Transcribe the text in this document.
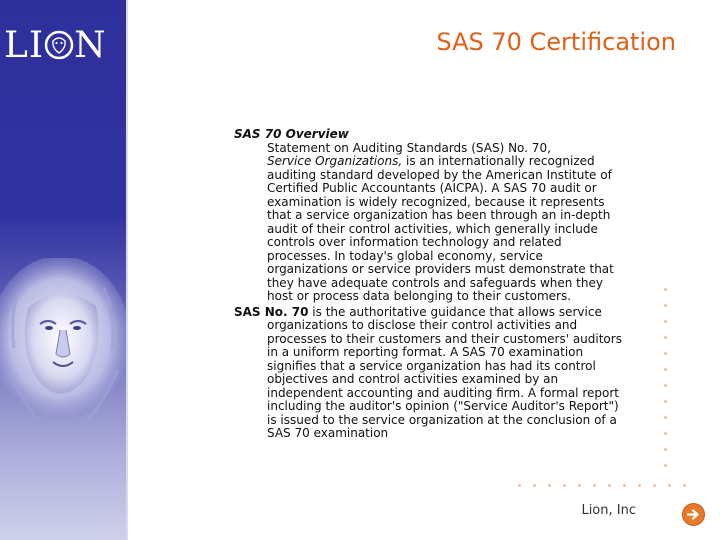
LI N	SAS 70 Certification
SAS 70 Overview
Statement on Auditing Standards (SAS) No. 70,
Service Organizations, is an internationally recognized auditing standard developed by the American Institute of Certified Public Accountants (AICPA). A SAS 70 audit or examination is widely recognized, because it represents that a service organization has been through an in-depth audit of their control activities, which generally include controls over information technology and related processes. In today's global economy, service organizations or service providers must demonstrate that they have adequate controls and safeguards when they host or process data belonging to their customers.
SAS No. 70 is the authoritative guidance that allows service organizations to disclose their control activities and processes to their customers and their customers' auditors in a uniform reporting format. A SAS 70 examination signifies that a service organization has had its control objectives and control activities examined by an independent accounting and auditing firm. A formal report including the auditor's opinion ("Service Auditor's Report") is issued to the service organization at the conclusion of a SAS 70 examination
Lion, Inc
